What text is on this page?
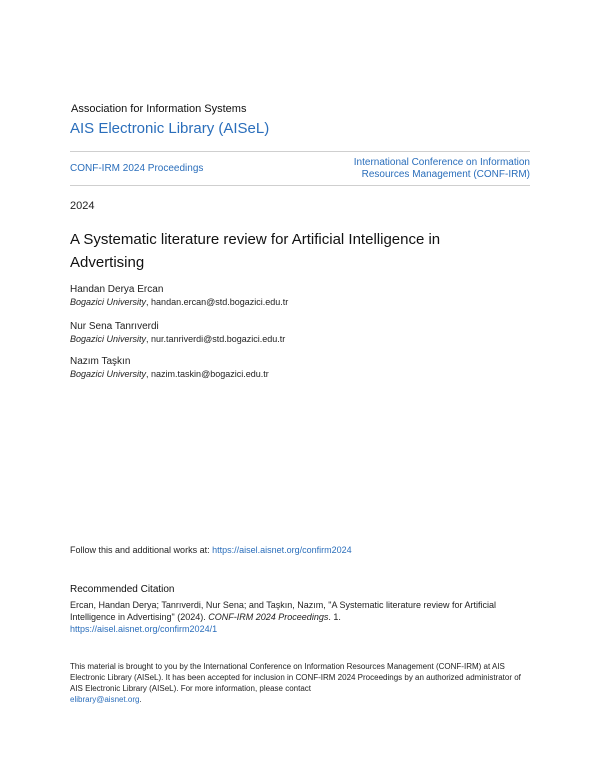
Association for Information Systems
AIS Electronic Library (AISeL)
CONF-IRM 2024 Proceedings
International Conference on Information
Resources Management (CONF-IRM)
2024
A Systematic literature review for Artificial Intelligence in Advertising
Handan Derya Ercan
Bogazici University, handan.ercan@std.bogazici.edu.tr
Nur Sena Tanrıverdi
Bogazici University, nur.tanriverdi@std.bogazici.edu.tr
Nazım Taşkın
Bogazici University, nazim.taskin@bogazici.edu.tr
Follow this and additional works at: https://aisel.aisnet.org/confirm2024
Recommended Citation
Ercan, Handan Derya; Tanrıverdi, Nur Sena; and Taşkın, Nazım, "A Systematic literature review for Artificial Intelligence in Advertising" (2024). CONF-IRM 2024 Proceedings. 1.
https://aisel.aisnet.org/confirm2024/1
This material is brought to you by the International Conference on Information Resources Management (CONF-IRM) at AIS Electronic Library (AISeL). It has been accepted for inclusion in CONF-IRM 2024 Proceedings by an authorized administrator of AIS Electronic Library (AISeL). For more information, please contact
elibrary@aisnet.org.
